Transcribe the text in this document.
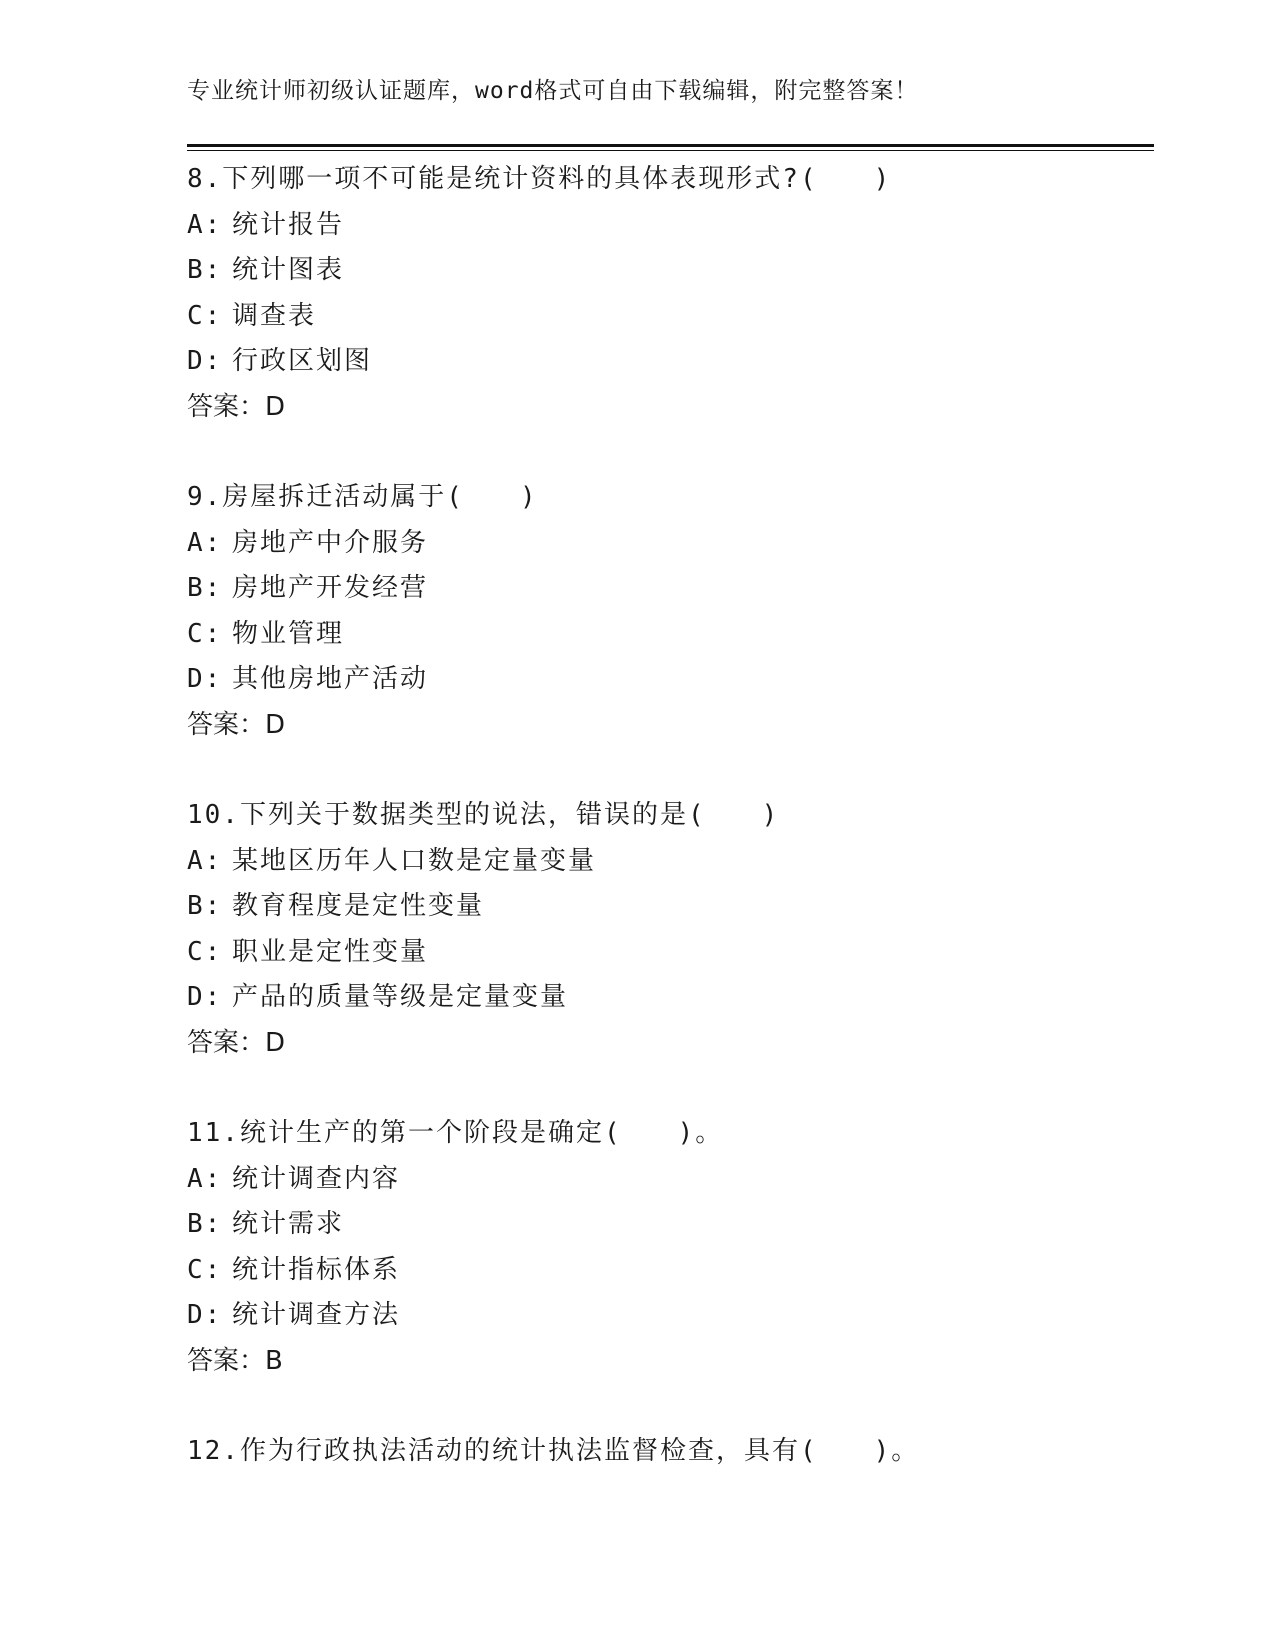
专业统计师初级认证题库，word格式可自由下载编辑，附完整答案！
8.下列哪一项不可能是统计资料的具体表现形式?(　　)
A: 统计报告
B: 统计图表
C: 调查表
D: 行政区划图
答案：D
9.房屋拆迁活动属于(　　)
A: 房地产中介服务
B: 房地产开发经营
C: 物业管理
D: 其他房地产活动
答案：D
10.下列关于数据类型的说法，错误的是(　　)
A: 某地区历年人口数是定量变量
B: 教育程度是定性变量
C: 职业是定性变量
D: 产品的质量等级是定量变量
答案：D
11.统计生产的第一个阶段是确定(　　)。
A: 统计调查内容
B: 统计需求
C: 统计指标体系
D: 统计调查方法
答案：B
12.作为行政执法活动的统计执法监督检查，具有(　　)。
